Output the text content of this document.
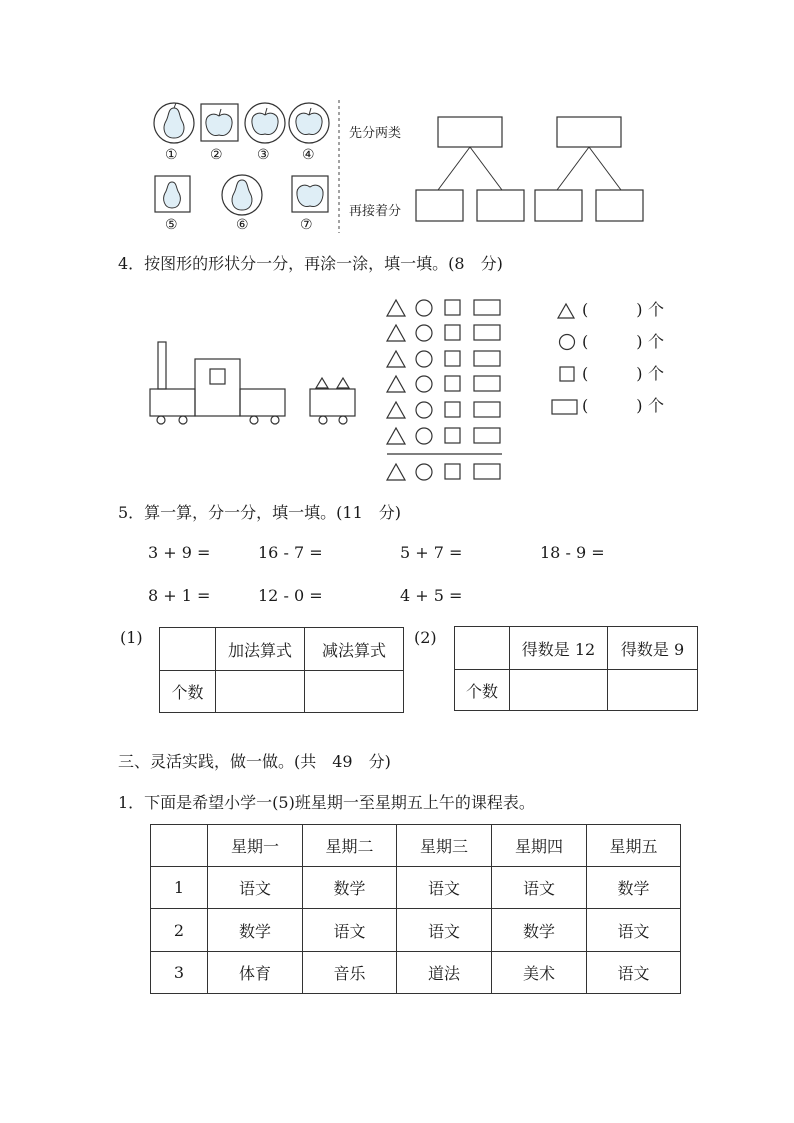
① ② ③ ④
⑤	⑥	⑦
先分两类
再接着分
4．按图形的形状分一分，再涂一涂，填一填。(8　分)
(　　　) 个
(　　　) 个
(　　　) 个
(　　　) 个
5．算一算，分一分，填一填。(11　分)
3 + 9 =	16 - 7 =	5 + 7 =	18 - 9 =
8 + 1 =	12 - 0 =	4 + 5 =
(1)
	加法算式	减法算式
个数		
(2)
	得数是 12	得数是 9
个数		
三、灵活实践，做一做。(共　49　分)
1．下面是希望小学一(5)班星期一至星期五上午的课程表。
	星期一	星期二	星期三	星期四	星期五
1	语文	数学	语文	语文	数学
2	数学	语文	语文	数学	语文
3	体育	音乐	道法	美术	语文
